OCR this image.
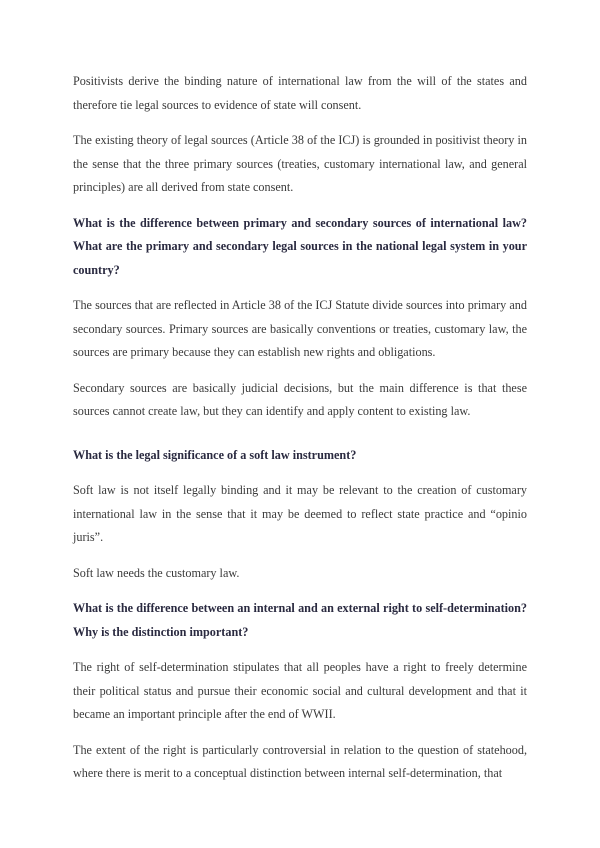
Positivists derive the binding nature of international law from the will of the states and therefore tie legal sources to evidence of state will consent.

The existing theory of legal sources (Article 38 of the ICJ) is grounded in positivist theory in the sense that the three primary sources (treaties, customary international law, and general principles) are all derived from state consent.

What is the difference between primary and secondary sources of international law? What are the primary and secondary legal sources in the national legal system in your country?

The sources that are reflected in Article 38 of the ICJ Statute divide sources into primary and secondary sources. Primary sources are basically conventions or treaties, customary law, the sources are primary because they can establish new rights and obligations.

Secondary sources are basically judicial decisions, but the main difference is that these sources cannot create law, but they can identify and apply content to existing law.

What is the legal significance of a soft law instrument?

Soft law is not itself legally binding and it may be relevant to the creation of customary international law in the sense that it may be deemed to reflect state practice and “opinio juris”.

Soft law needs the customary law.

What is the difference between an internal and an external right to self-determination? Why is the distinction important?

The right of self-determination stipulates that all peoples have a right to freely determine their political status and pursue their economic social and cultural development and that it became an important principle after the end of WWII.

The extent of the right is particularly controversial in relation to the question of statehood, where there is merit to a conceptual distinction between internal self-determination, that
